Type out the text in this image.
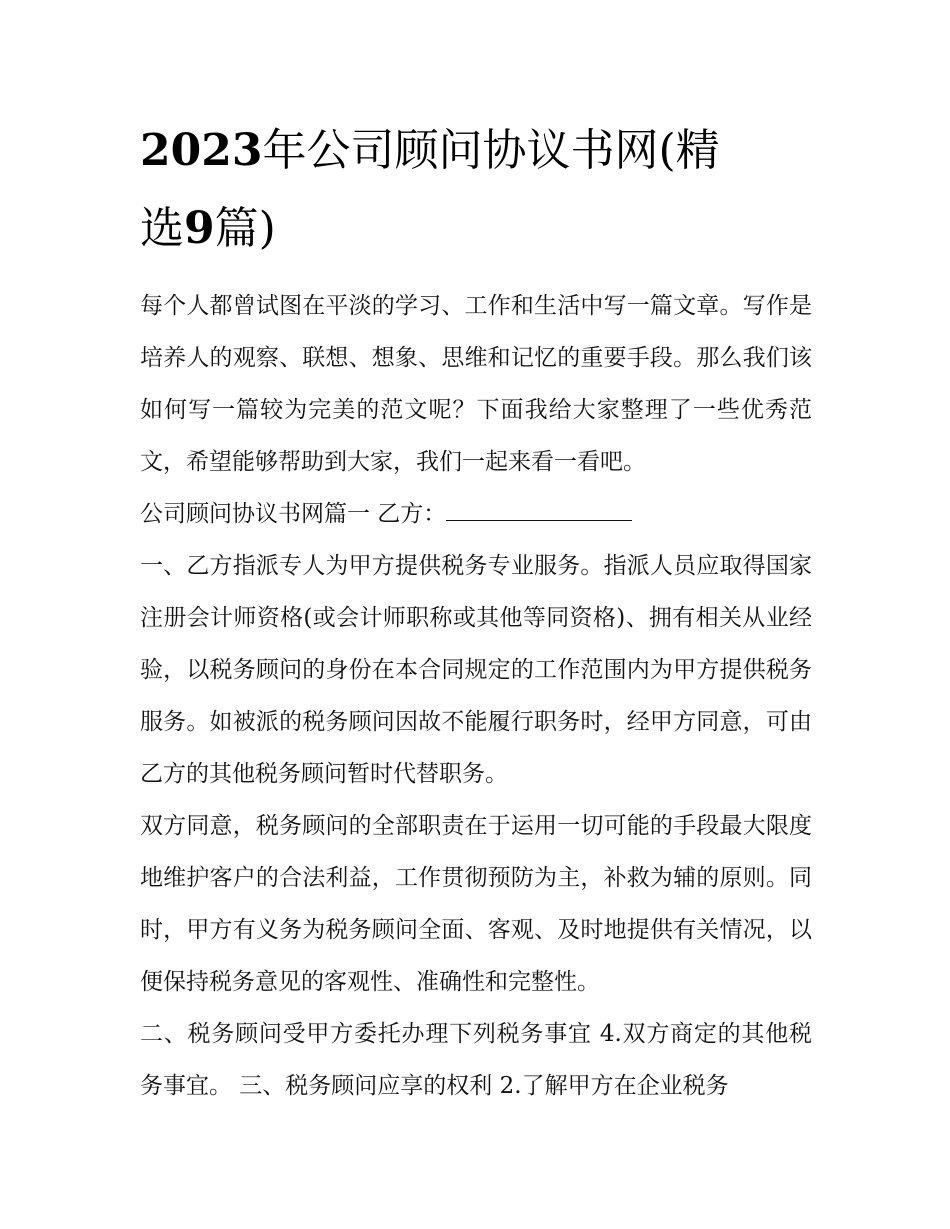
2023年公司顾问协议书网(精
选9篇)

每个人都曾试图在平淡的学习、工作和生活中写一篇文章。写作是培养人的观察、联想、想象、思维和记忆的重要手段。那么我们该如何写一篇较为完美的范文呢？下面我给大家整理了一些优秀范文，希望能够帮助到大家，我们一起来看一看吧。

公司顾问协议书网篇一 乙方：

一、乙方指派专人为甲方提供税务专业服务。指派人员应取得国家注册会计师资格(或会计师职称或其他等同资格)、拥有相关从业经验，以税务顾问的身份在本合同规定的工作范围内为甲方提供税务服务。如被派的税务顾问因故不能履行职务时，经甲方同意，可由乙方的其他税务顾问暂时代替职务。

双方同意，税务顾问的全部职责在于运用一切可能的手段最大限度地维护客户的合法利益，工作贯彻预防为主，补救为辅的原则。同时，甲方有义务为税务顾问全面、客观、及时地提供有关情况，以便保持税务意见的客观性、准确性和完整性。

二、税务顾问受甲方委托办理下列税务事宜 4.双方商定的其他税务事宜。 三、税务顾问应享的权利 2.了解甲方在企业税务
